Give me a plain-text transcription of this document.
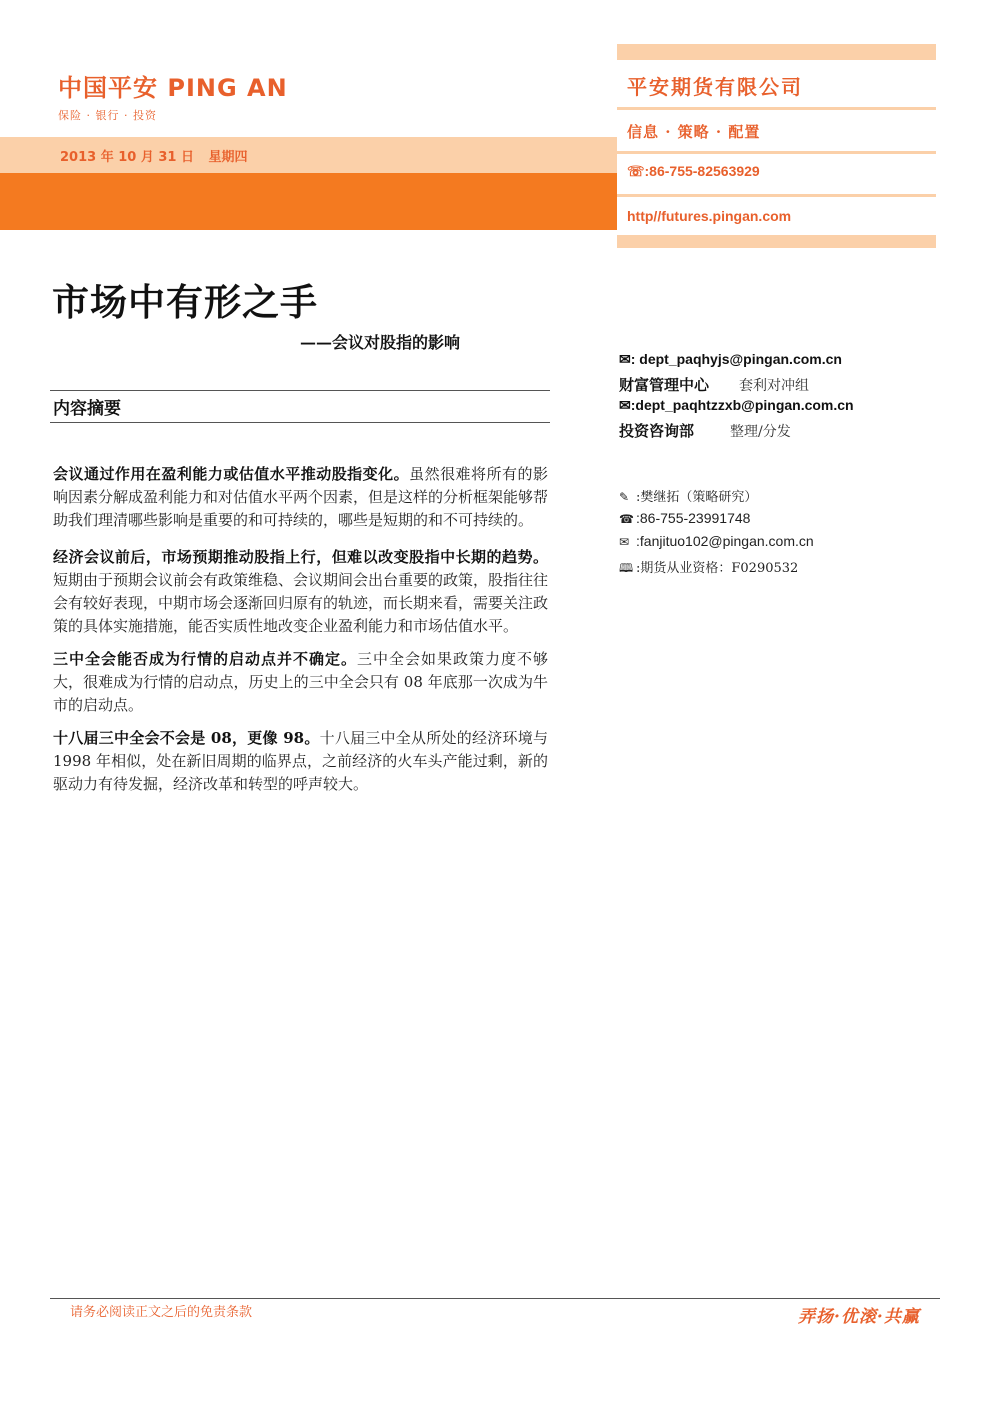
中国平安 PING AN
保险 · 银行 · 投资
2013 年 10 月 31 日 星期四
平安期货有限公司
信息 · 策略 · 配置
☏:86-755-82563929
http//futures.pingan.com
市场中有形之手
——会议对股指的影响
内容摘要

会议通过作用在盈利能力或估值水平推动股指变化。虽然很难将所有的影响因素分解成盈利能力和对估值水平两个因素，但是这样的分析框架能够帮助我们理清哪些影响是重要的和可持续的，哪些是短期的和不可持续的。

经济会议前后，市场预期推动股指上行，但难以改变股指中长期的趋势。短期由于预期会议前会有政策维稳、会议期间会出台重要的政策，股指往往会有较好表现，中期市场会逐渐回归原有的轨迹，而长期来看，需要关注政策的具体实施措施，能否实质性地改变企业盈利能力和市场估值水平。

三中全会能否成为行情的启动点并不确定。三中全会如果政策力度不够大，很难成为行情的启动点，历史上的三中全会只有 08 年底那一次成为牛市的启动点。

十八届三中全会不会是 08，更像 98。十八届三中全从所处的经济环境与 1998 年相似，处在新旧周期的临界点，之前经济的火车头产能过剩，新的驱动力有待发掘，经济改革和转型的呼声较大。

✉: dept_paqhyjs@pingan.com.cn
财富管理中心 套利对冲组
✉:dept_paqhtzzxb@pingan.com.cn
投资咨询部	整理/分发
✎ :樊继拓（策略研究）
☎ :86-755-23991748
✉ :fanjituo102@pingan.com.cn
🕮 :期货从业资格：F0290532
请务必阅读正文之后的免责条款	弄扬·优滚·共赢
